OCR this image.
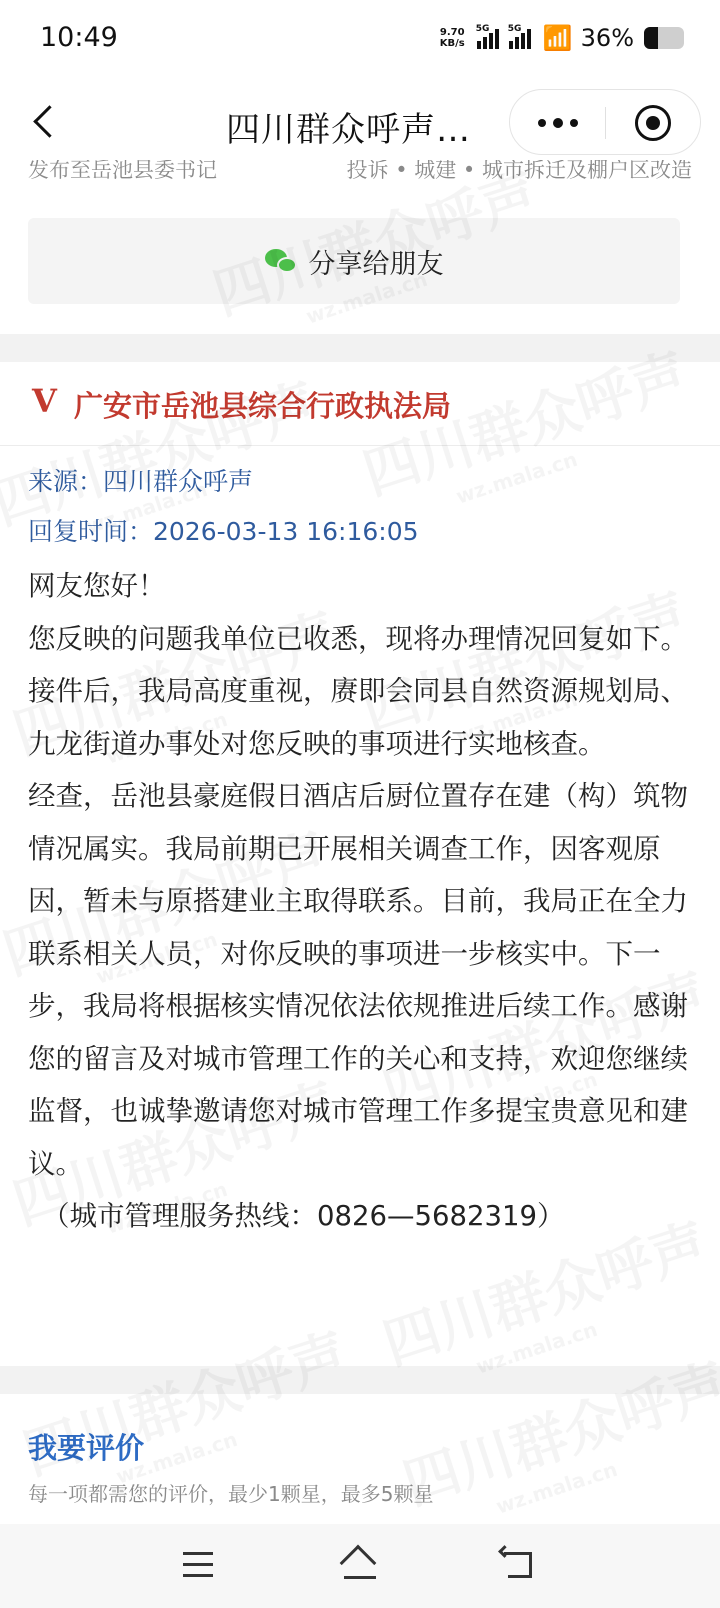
10:49	9.70
KB/s
5G 5G 📶 36%
四川群众呼声…
发布至岳池县委书记	投诉 • 城建 • 城市拆迁及棚户区改造
分享给朋友
V 广安市岳池县综合行政执法局
来源：四川群众呼声
回复时间：2026-03-13 16:16:05

网友您好！

您反映的问题我单位已收悉，现将办理情况回复如下。

接件后，我局高度重视，赓即会同县自然资源规划局、九龙街道办事处对您反映的事项进行实地核查。

经查，岳池县豪庭假日酒店后厨位置存在建（构）筑物情况属实。我局前期已开展相关调查工作，因客观原因，暂未与原搭建业主取得联系。目前，我局正在全力联系相关人员，对你反映的事项进一步核实中。下一步，我局将根据核实情况依法依规推进后续工作。感谢您的留言及对城市管理工作的关心和支持，欢迎您继续监督，也诚挚邀请您对城市管理工作多提宝贵意见和建议。

（城市管理服务热线：0826—5682319）

我要评价
每一项都需您的评价，最少1颗星，最多5颗星
